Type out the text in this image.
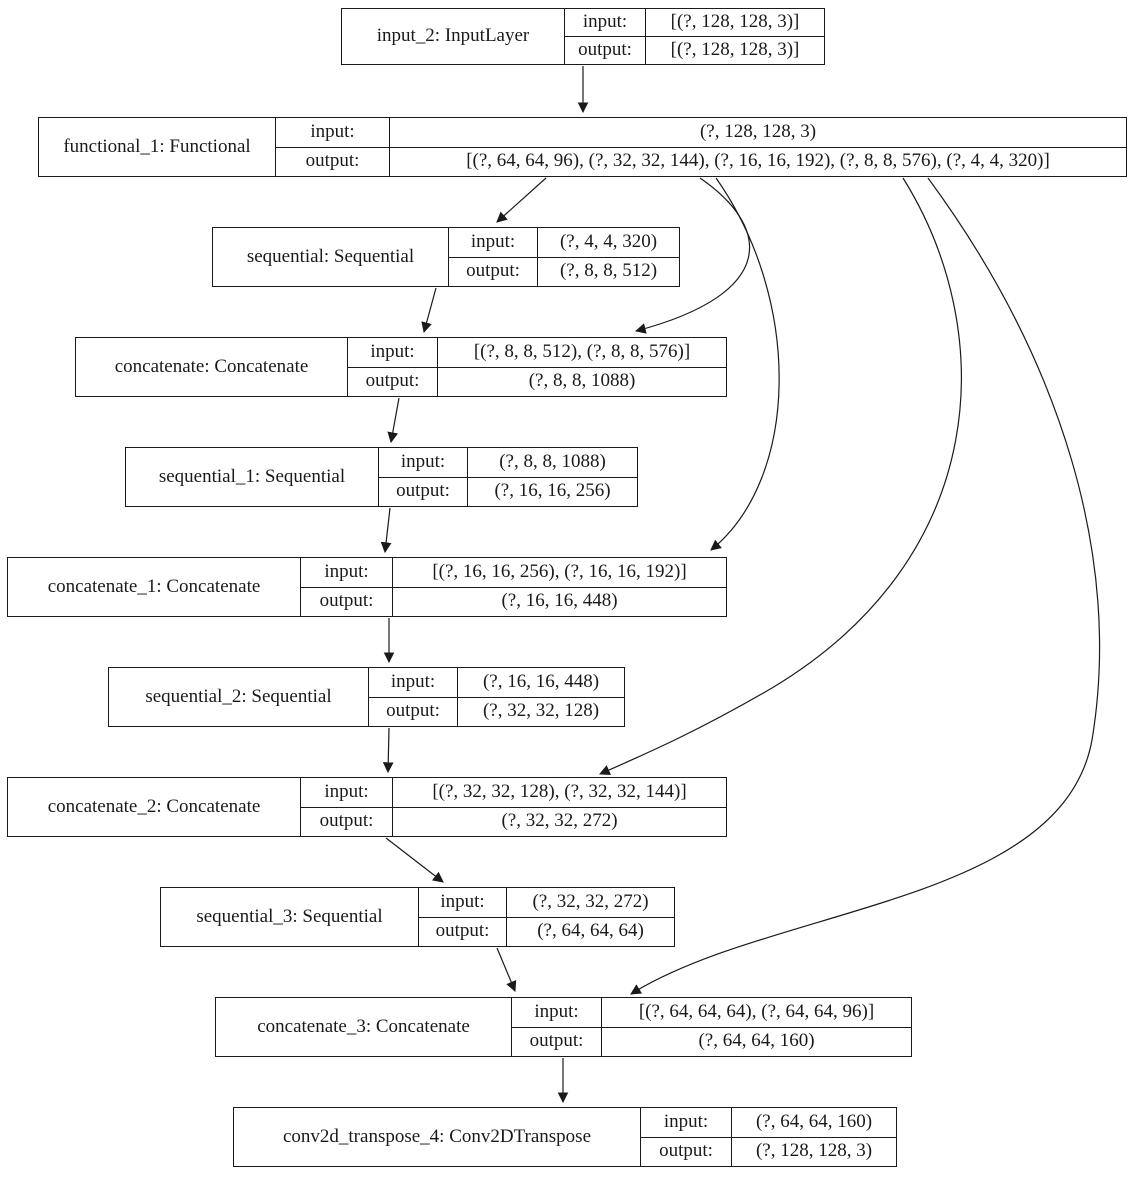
input_2: InputLayer
input:	[(?, 128, 128, 3)]
output:	[(?, 128, 128, 3)]
functional_1: Functional
input:	(?, 128, 128, 3)
output:	[(?, 64, 64, 96), (?, 32, 32, 144), (?, 16, 16, 192), (?, 8, 8, 576), (?, 4, 4, 320)]
sequential: Sequential
input:	(?, 4, 4, 320)
output:	(?, 8, 8, 512)
concatenate: Concatenate
input:	[(?, 8, 8, 512), (?, 8, 8, 576)]
output:	(?, 8, 8, 1088)
sequential_1: Sequential
input:	(?, 8, 8, 1088)
output:	(?, 16, 16, 256)
concatenate_1: Concatenate
input:	[(?, 16, 16, 256), (?, 16, 16, 192)]
output:	(?, 16, 16, 448)
sequential_2: Sequential
input:	(?, 16, 16, 448)
output:	(?, 32, 32, 128)
concatenate_2: Concatenate
input:	[(?, 32, 32, 128), (?, 32, 32, 144)]
output:	(?, 32, 32, 272)
sequential_3: Sequential
input:	(?, 32, 32, 272)
output:	(?, 64, 64, 64)
concatenate_3: Concatenate
input:	[(?, 64, 64, 64), (?, 64, 64, 96)]
output:	(?, 64, 64, 160)
conv2d_transpose_4: Conv2DTranspose
input:	(?, 64, 64, 160)
output:	(?, 128, 128, 3)
